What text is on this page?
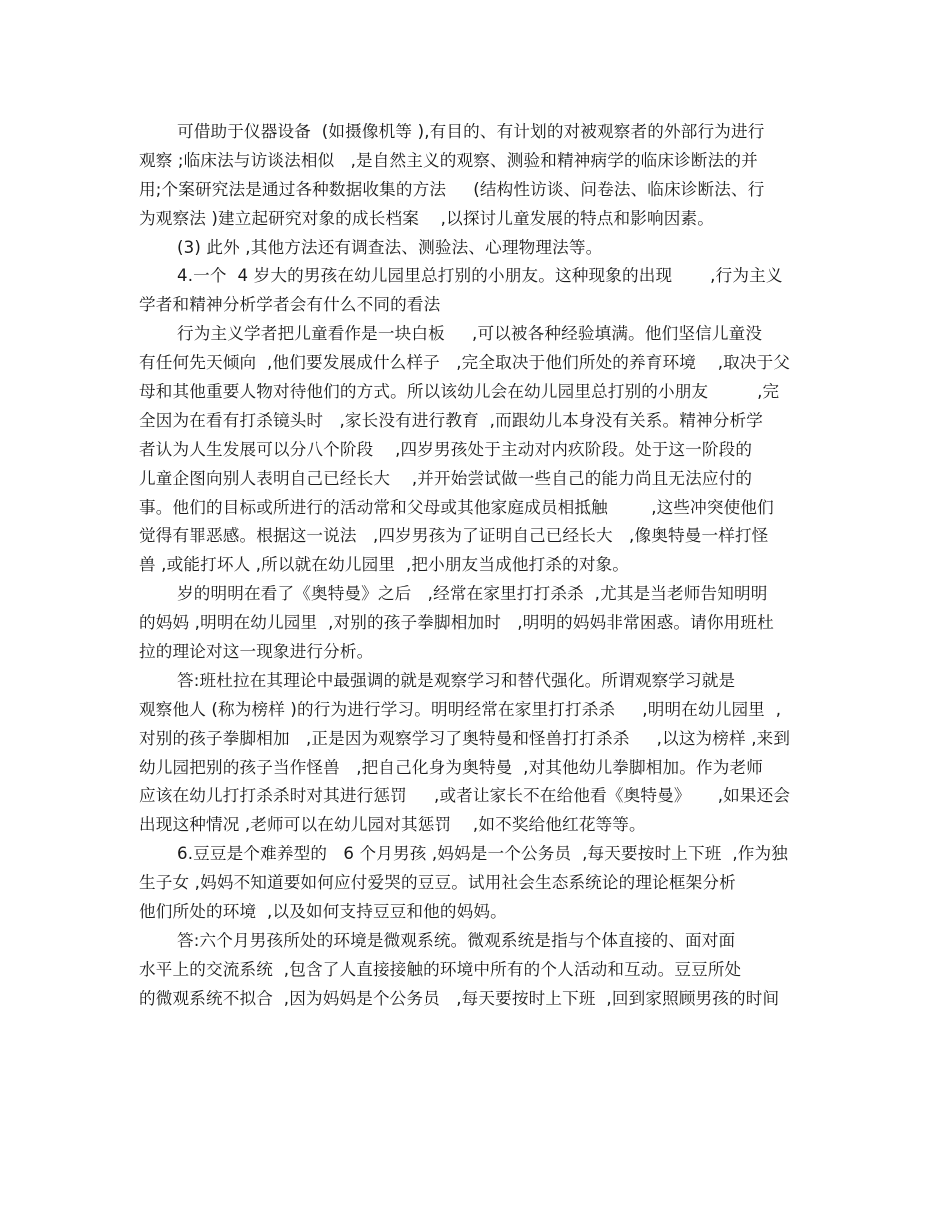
可借助于仪器设备  (如摄像机等 ),有目的、有计划的对被观察者的外部行为进行
观察 ;临床法与访谈法相似   ,是自然主义的观察、测验和精神病学的临床诊断法的并
用;个案研究法是通过各种数据收集的方法     (结构性访谈、问卷法、临床诊断法、行
为观察法 )建立起研究对象的成长档案    ,以探讨儿童发展的特点和影响因素。
(3) 此外 ,其他方法还有调查法、测验法、心理物理法等。
4.一个  4 岁大的男孩在幼儿园里总打别的小朋友。这种现象的出现       ,行为主义
学者和精神分析学者会有什么不同的看法
行为主义学者把儿童看作是一块白板     ,可以被各种经验填满。他们坚信儿童没
有任何先天倾向  ,他们要发展成什么样子   ,完全取决于他们所处的养育环境    ,取决于父
母和其他重要人物对待他们的方式。所以该幼儿会在幼儿园里总打别的小朋友         ,完
全因为在看有打杀镜头时   ,家长没有进行教育  ,而跟幼儿本身没有关系。精神分析学
者认为人生发展可以分八个阶段    ,四岁男孩处于主动对内疚阶段。处于这一阶段的
儿童企图向别人表明自己已经长大    ,并开始尝试做一些自己的能力尚且无法应付的
事。他们的目标或所进行的活动常和父母或其他家庭成员相抵触        ,这些冲突使他们
觉得有罪恶感。根据这一说法   ,四岁男孩为了证明自己已经长大   ,像奥特曼一样打怪
兽 ,或能打坏人 ,所以就在幼儿园里  ,把小朋友当成他打杀的对象。
岁的明明在看了《奥特曼》之后   ,经常在家里打打杀杀  ,尤其是当老师告知明明
的妈妈 ,明明在幼儿园里  ,对别的孩子拳脚相加时   ,明明的妈妈非常困惑。请你用班杜
拉的理论对这一现象进行分析。
答:班杜拉在其理论中最强调的就是观察学习和替代强化。所谓观察学习就是
观察他人 (称为榜样 )的行为进行学习。明明经常在家里打打杀杀     ,明明在幼儿园里  ,
对别的孩子拳脚相加   ,正是因为观察学习了奥特曼和怪兽打打杀杀     ,以这为榜样 ,来到
幼儿园把别的孩子当作怪兽   ,把自己化身为奥特曼  ,对其他幼儿拳脚相加。作为老师
应该在幼儿打打杀杀时对其进行惩罚     ,或者让家长不在给他看《奥特曼》     ,如果还会
出现这种情况 ,老师可以在幼儿园对其惩罚    ,如不奖给他红花等等。
6.豆豆是个难养型的   6 个月男孩 ,妈妈是一个公务员  ,每天要按时上下班  ,作为独
生子女 ,妈妈不知道要如何应付爱哭的豆豆。试用社会生态系统论的理论框架分析
他们所处的环境  ,以及如何支持豆豆和他的妈妈。
答:六个月男孩所处的环境是微观系统。微观系统是指与个体直接的、面对面
水平上的交流系统  ,包含了人直接接触的环境中所有的个人活动和互动。豆豆所处
的微观系统不拟合  ,因为妈妈是个公务员   ,每天要按时上下班  ,回到家照顾男孩的时间
